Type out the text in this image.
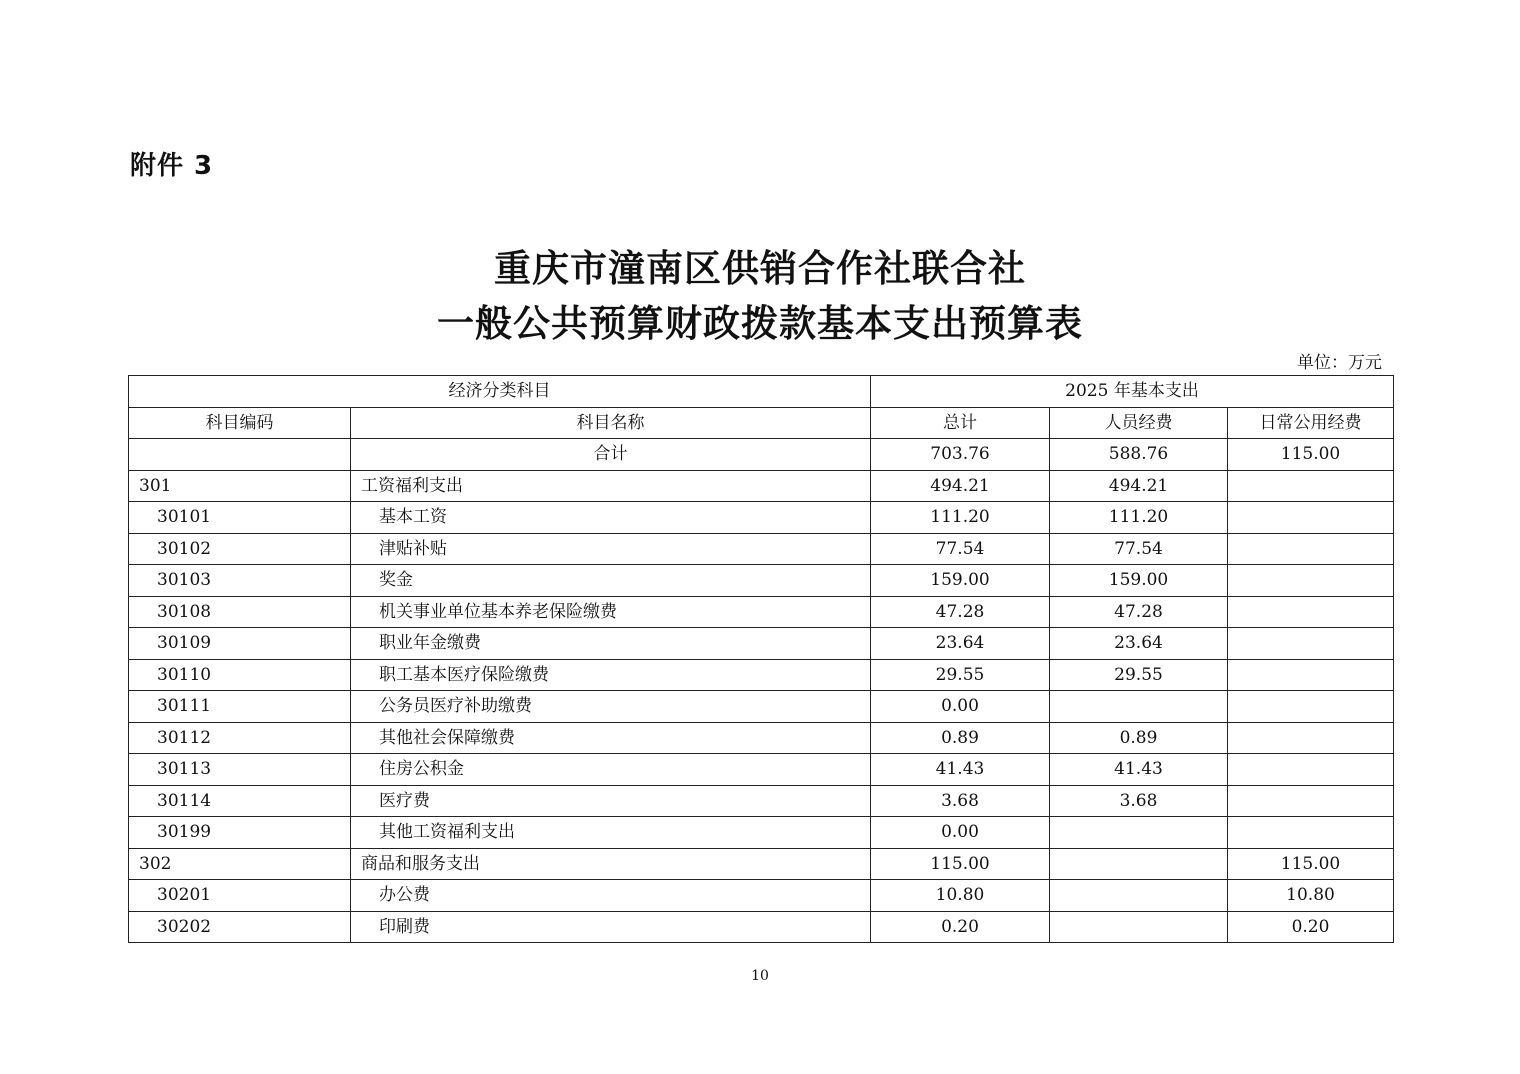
附件 3
重庆市潼南区供销合作社联合社
一般公共预算财政拨款基本支出预算表
单位：万元
经济分类科目		2025 年基本支出		
科目编码	科目名称	总计	人员经费	日常公用经费
	合计	703.76	588.76	115.00
301	工资福利支出	494.21	494.21	
30101	基本工资	111.20	111.20	
30102	津贴补贴	77.54	77.54	
30103	奖金	159.00	159.00	
30108	机关事业单位基本养老保险缴费	47.28	47.28	
30109	职业年金缴费	23.64	23.64	
30110	职工基本医疗保险缴费	29.55	29.55	
30111	公务员医疗补助缴费	0.00		
30112	其他社会保障缴费	0.89	0.89	
30113	住房公积金	41.43	41.43	
30114	医疗费	3.68	3.68	
30199	其他工资福利支出	0.00		
302	商品和服务支出	115.00		115.00
30201	办公费	10.80		10.80
30202	印刷费	0.20		0.20
10
